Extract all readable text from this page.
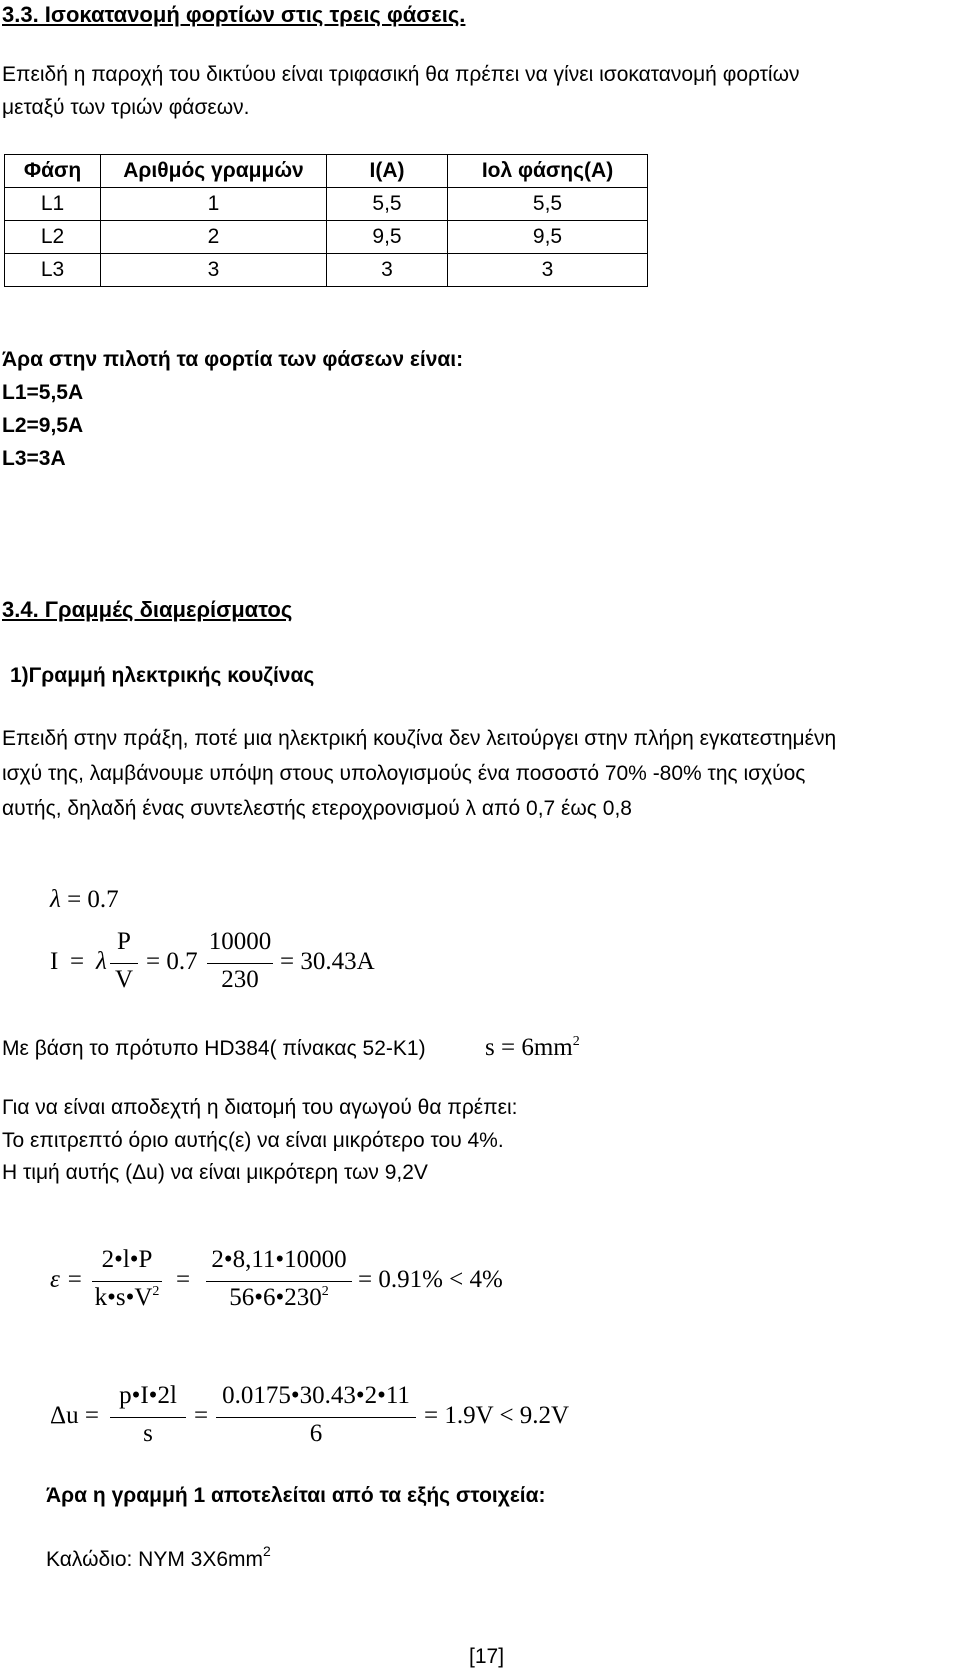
3.3. Ισοκατανομή φορτίων στις τρεις φάσεις.
Επειδή η παροχή του δικτύου είναι τριφασική θα πρέπει να γίνει ισοκατανομή φορτίων
μεταξύ των τριών φάσεων.
Φάση	Αριθμός γραμμών	I(A)	Ιολ φάσης(A)
L1	1	5,5	5,5
L2	2	9,5	9,5
L3	3	3	3
Άρα στην πιλοτή τα φορτία των φάσεων είναι:
L1=5,5A
L2=9,5A
L3=3A
3.4. Γραμμές διαμερίσματος
1)Γραμμή ηλεκτρικής κουζίνας
Επειδή στην πράξη, ποτέ μια ηλεκτρική κουζίνα δεν λειτούργει στην πλήρη εγκατεστημένη
ισχύ της, λαμβάνουμε υπόψη στους υπολογισμούς ένα ποσοστό 70% -80% της ισχύος
αυτής, δηλαδή ένας συντελεστής ετεροχρονισμού λ από 0,7 έως 0,8
λ = 0.7
I = λ
P
V
= 0.7
10000
230
= 30.43A
Με βάση το πρότυπο HD384( πίνακας 52-K1) $s = 6mm^2$
Για να είναι αποδεχτή η διατομή του αγωγού θα πρέπει:
Το επιτρεπτό όριο αυτής(ε) να είναι μικρότερο του 4%.
Η τιμή αυτής (Δu) να είναι μικρότερη των 9,2V
ε =
2•l•P
$k•s•V^2$ =
2•8,11•10000
$56•6•230^2$	= 0.91% < 4%
Δu =
p•I•2l
s
=
0.0175•30.43•2•11
6
= 1.9V < 9.2V
Άρα η γραμμή 1 αποτελείται από τα εξής στοιχεία:
Καλώδιο: NYM $3X6mm^2$
[17]
